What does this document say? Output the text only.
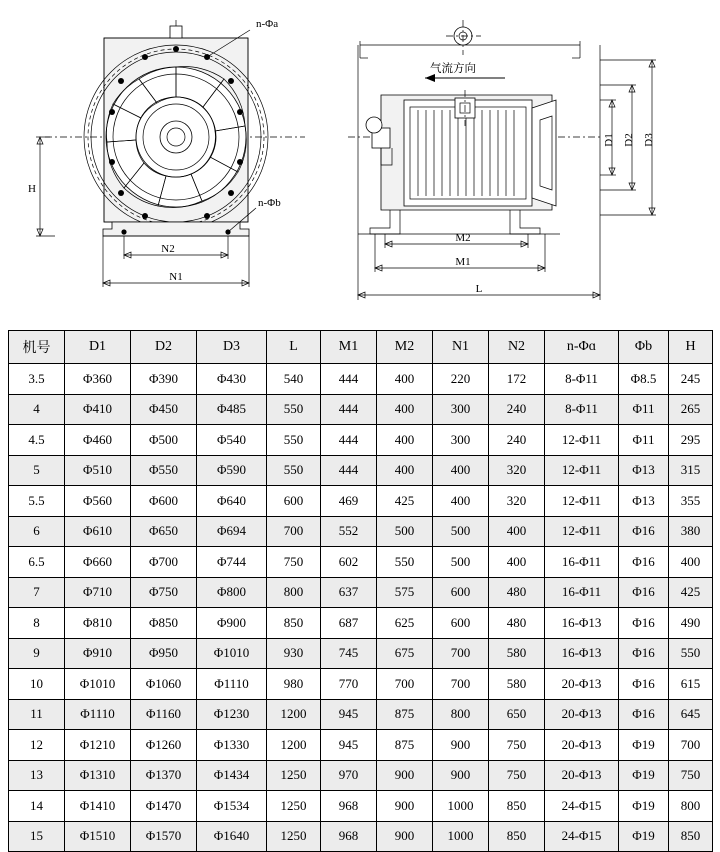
n-Φa
n-Φb
H
N2
N1
气流方向
D1 D2 D3
M2
M1
L
机号	D1	D2	D3	L	M1	M2	N1	N2	n-Φɑ	Φb	H
3.5	Φ360	Φ390	Φ430	540	444	400	220	172	8-Φ11	Φ8.5	245
4	Φ410	Φ450	Φ485	550	444	400	300	240	8-Φ11	Φ11	265
4.5	Φ460	Φ500	Φ540	550	444	400	300	240	12-Φ11	Φ11	295
5	Φ510	Φ550	Φ590	550	444	400	400	320	12-Φ11	Φ13	315
5.5	Φ560	Φ600	Φ640	600	469	425	400	320	12-Φ11	Φ13	355
6	Φ610	Φ650	Φ694	700	552	500	500	400	12-Φ11	Φ16	380
6.5	Φ660	Φ700	Φ744	750	602	550	500	400	16-Φ11	Φ16	400
7	Φ710	Φ750	Φ800	800	637	575	600	480	16-Φ11	Φ16	425
8	Φ810	Φ850	Φ900	850	687	625	600	480	16-Φ13	Φ16	490
9	Φ910	Φ950	Φ1010	930	745	675	700	580	16-Φ13	Φ16	550
10	Φ1010	Φ1060	Φ1110	980	770	700	700	580	20-Φ13	Φ16	615
11	Φ1110	Φ1160	Φ1230	1200	945	875	800	650	20-Φ13	Φ16	645
12	Φ1210	Φ1260	Φ1330	1200	945	875	900	750	20-Φ13	Φ19	700
13	Φ1310	Φ1370	Φ1434	1250	970	900	900	750	20-Φ13	Φ19	750
14	Φ1410	Φ1470	Φ1534	1250	968	900	1000	850	24-Φ15	Φ19	800
15	Φ1510	Φ1570	Φ1640	1250	968	900	1000	850	24-Φ15	Φ19	850
